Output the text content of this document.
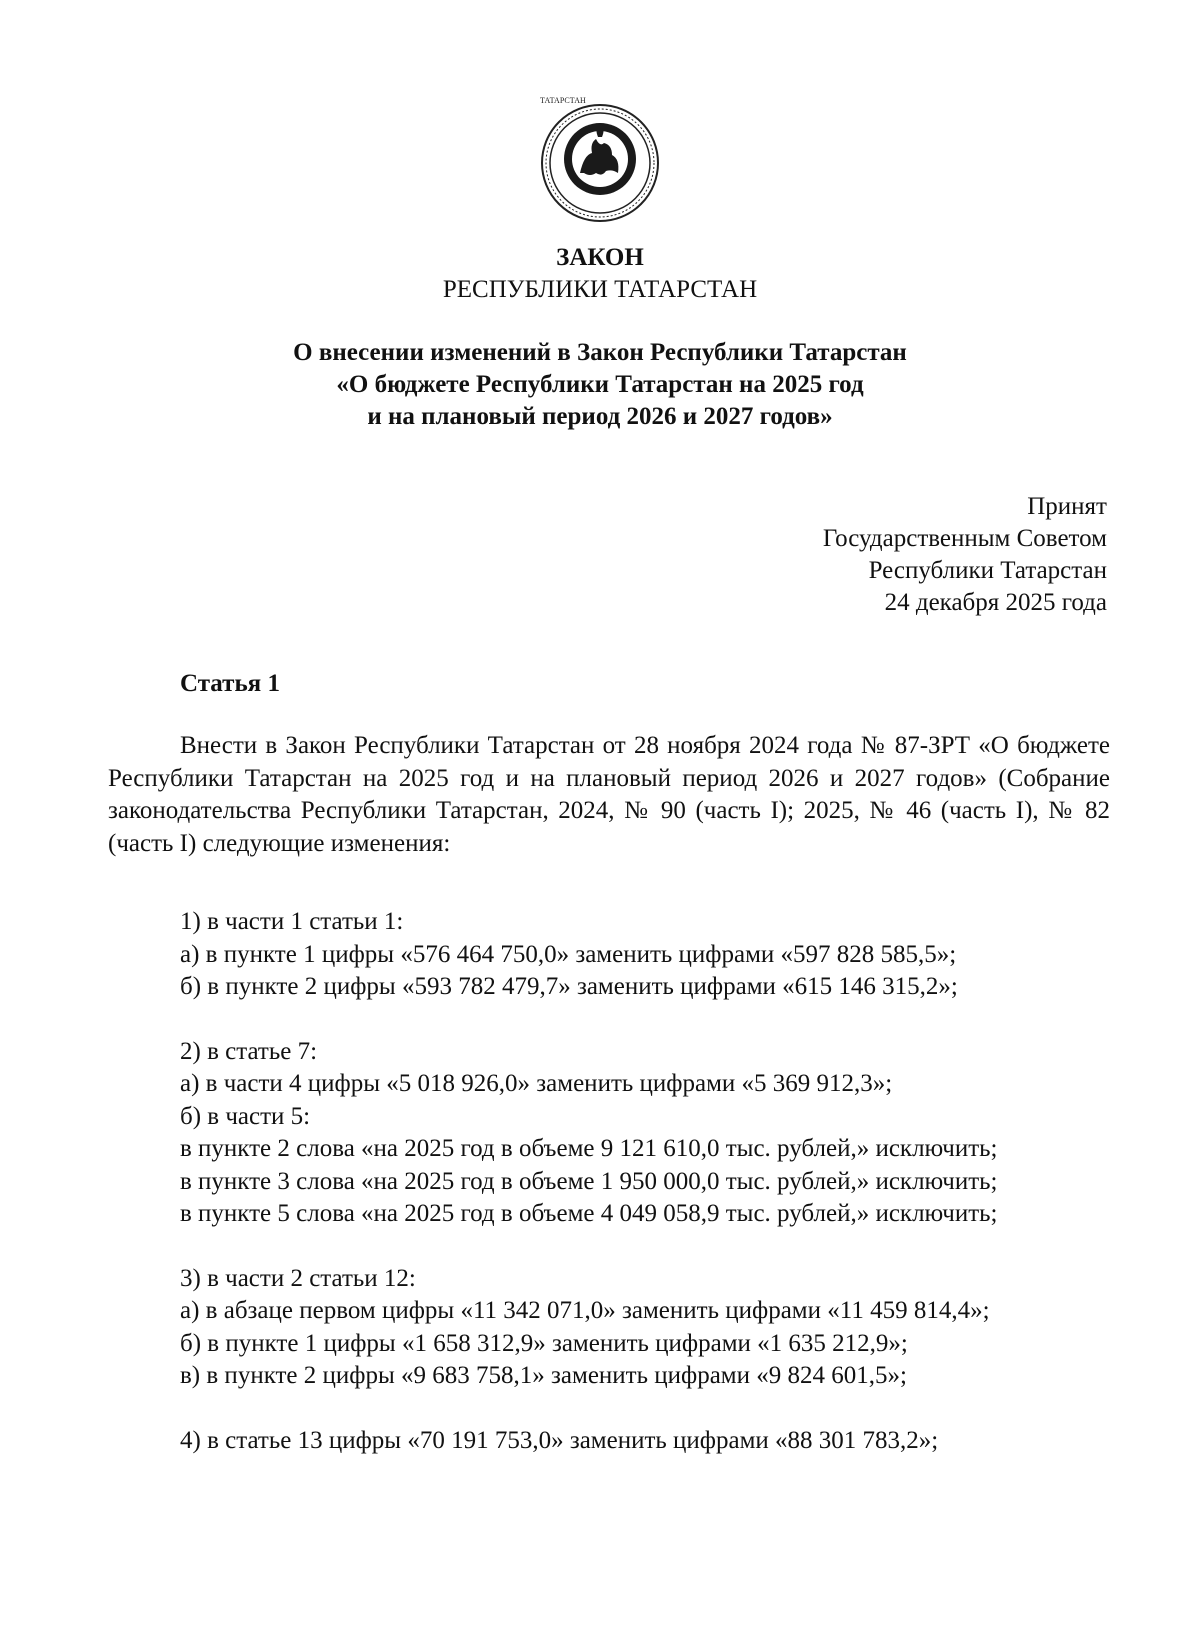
ТАТАРСТАН
ЗАКОН
РЕСПУБЛИКИ ТАТАРСТАН
О внесении изменений в Закон Республики Татарстан
«О бюджете Республики Татарстан на 2025 год
и на плановый период 2026 и 2027 годов»
Принят
Государственным Советом
Республики Татарстан
24 декабря 2025 года
Статья 1
Внести в Закон Республики Татарстан от 28 ноября 2024 года № 87-ЗРТ «О бюджете Республики Татарстан на 2025 год и на плановый период 2026 и 2027 годов» (Собрание законодательства Республики Татарстан, 2024, № 90 (часть I); 2025, № 46 (часть I), № 82 (часть I) следующие изменения:
1) в части 1 статьи 1:
а) в пункте 1 цифры «576 464 750,0» заменить цифрами «597 828 585,5»;
б) в пункте 2 цифры «593 782 479,7» заменить цифрами «615 146 315,2»;
2) в статье 7:
а) в части 4 цифры «5 018 926,0» заменить цифрами «5 369 912,3»;
б) в части 5:
в пункте 2 слова «на 2025 год в объеме 9 121 610,0 тыс. рублей,» исключить;
в пункте 3 слова «на 2025 год в объеме 1 950 000,0 тыс. рублей,» исключить;
в пункте 5 слова «на 2025 год в объеме 4 049 058,9 тыс. рублей,» исключить;
3) в части 2 статьи 12:
а) в абзаце первом цифры «11 342 071,0» заменить цифрами «11 459 814,4»;
б) в пункте 1 цифры «1 658 312,9» заменить цифрами «1 635 212,9»;
в) в пункте 2 цифры «9 683 758,1» заменить цифрами «9 824 601,5»;
4) в статье 13 цифры «70 191 753,0» заменить цифрами «88 301 783,2»;
